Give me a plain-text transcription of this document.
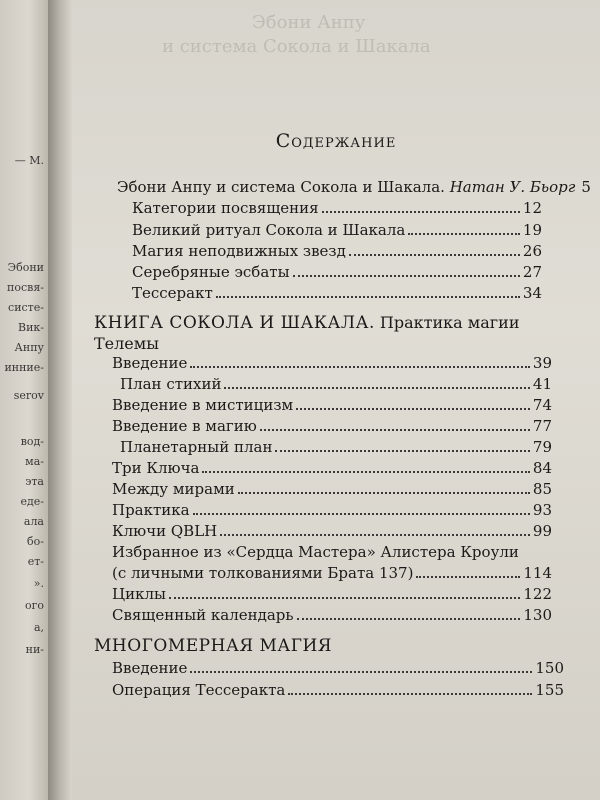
— М.
Эбони
посвя-
систе-
Вик-
Анпу
инние-
serov
вод-
ма-
эта
еде-
ала
бо-
ет-
».
ого
а,
ни-
Эбони Анпу
и система Сокола и Шакала
Содержание
Эбони Анпу и система Сокола и Шакала. Натан У. Бьорг 5
Категории посвящения	12
Великий ритуал Сокола и Шакала	19
Магия неподвижных звезд	26
Серебряные эсбаты	27
Тессеракт	34
КНИГА СОКОЛА И ШАКАЛА. Практика магии
Телемы
Введение	39
План стихий	41
Введение в мистицизм	74
Введение в магию	77
Планетарный план	79
Три Ключа	84
Между мирами	85
Практика	93
Ключи QBLH	99
Избранное из «Сердца Мастера» Алистера Кроули
(с личными толкованиями Брата 137)	114
Циклы	122
Священный календарь	130
МНОГОМЕРНАЯ МАГИЯ
Введение	150
Операция Тессеракта	155
